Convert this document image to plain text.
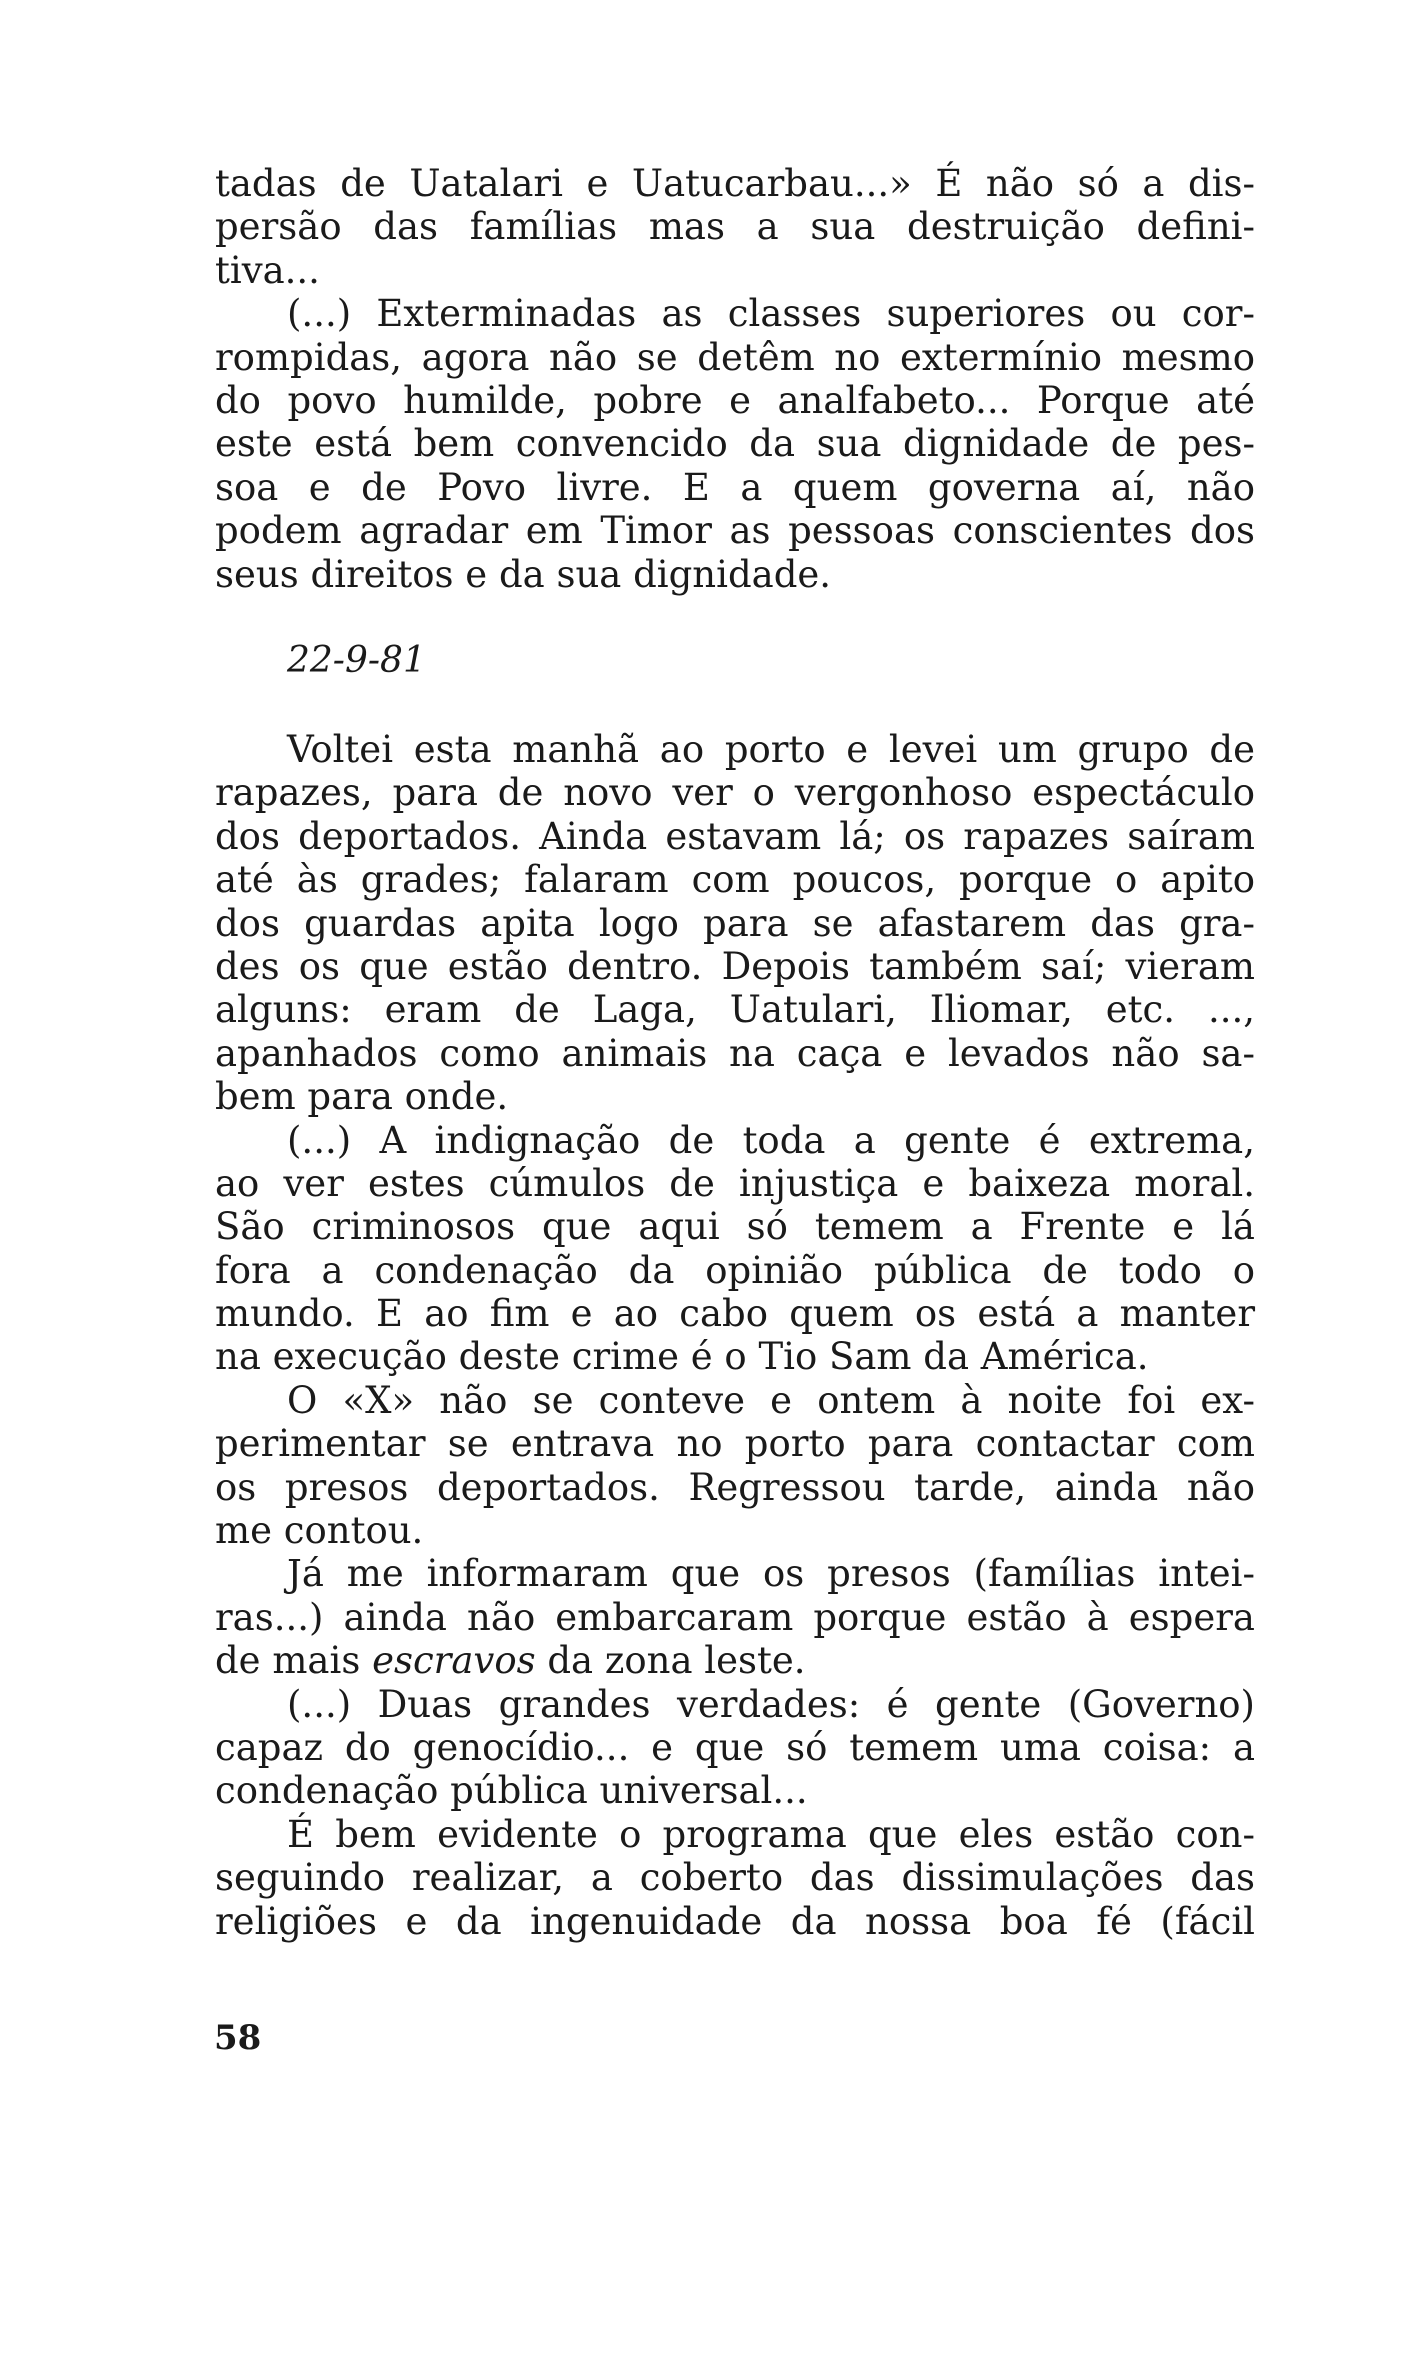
tadas de Uatalari e Uatucarbau...» É não só a dis-
persão das famílias mas a sua destruição defini-
tiva...
(...) Exterminadas as classes superiores ou cor-
rompidas, agora não se detêm no extermínio mesmo
do povo humilde, pobre e analfabeto... Porque até
este está bem convencido da sua dignidade de pes-
soa e de Povo livre. E a quem governa aí, não
podem agradar em Timor as pessoas conscientes dos
seus direitos e da sua dignidade.
22-9-81
Voltei esta manhã ao porto e levei um grupo de
rapazes, para de novo ver o vergonhoso espectáculo
dos deportados. Ainda estavam lá; os rapazes saíram
até às grades; falaram com poucos, porque o apito
dos guardas apita logo para se afastarem das gra-
des os que estão dentro. Depois também saí; vieram
alguns: eram de Laga, Uatulari, Iliomar, etc. ...,
apanhados como animais na caça e levados não sa-
bem para onde.
(...) A indignação de toda a gente é extrema,
ao ver estes cúmulos de injustiça e baixeza moral.
São criminosos que aqui só temem a Frente e lá
fora a condenação da opinião pública de todo o
mundo. E ao fim e ao cabo quem os está a manter
na execução deste crime é o Tio Sam da América.
O «X» não se conteve e ontem à noite foi ex-
perimentar se entrava no porto para contactar com
os presos deportados. Regressou tarde, ainda não
me contou.
Já me informaram que os presos (famílias intei-
ras...) ainda não embarcaram porque estão à espera
de mais escravos da zona leste.
(...) Duas grandes verdades: é gente (Governo)
capaz do genocídio... e que só temem uma coisa: a
condenação pública universal...
É bem evidente o programa que eles estão con-
seguindo realizar, a coberto das dissimulações das
religiões e da ingenuidade da nossa boa fé (fácil
58
